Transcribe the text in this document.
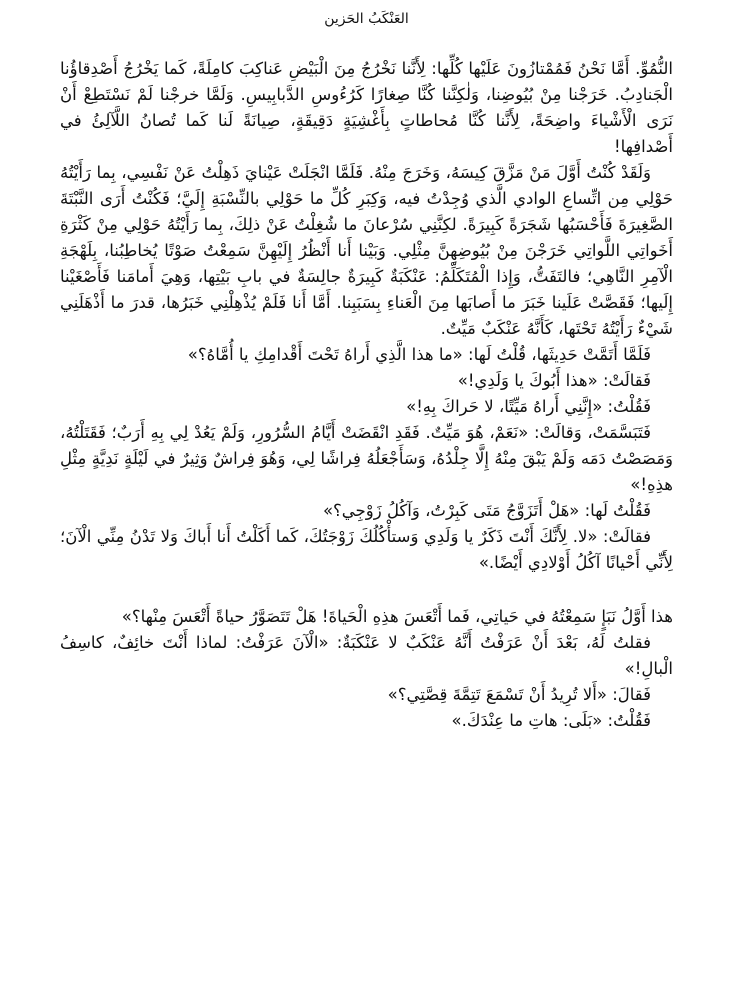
العَنْكَبُ الحَزين

النُّمُوِّ. أَمَّا نَحْنُ فَمُمْتازُونَ عَلَيْها كُلِّها: لِأَنَّنا نَخْرُجُ مِنَ الْبَيْضِ عَناكِبَ كامِلَةً، كَما يَخْرُجُ أَصْدِقاؤُنا الْجَنادِبُ. خَرَجْنا مِنْ بُيُوضِنا، وَلٰكِنَّنا كُنَّا صِغارًا كَرُءُوسِ الدَّبابِيسِ. وَلَمَّا خرجْنا لَمْ نَسْتَطِعْ أَنْ نَرَى الْأَشْياءَ واضِحَةً، لِأَنَّنا كُنَّا مُحاطاتٍ بِأَغْشِيَةٍ دَقِيقَةٍ، صِيانَةً لَنا كَما تُصانُ اللَّآلِئُ في أَصْدافِها!

وَلَقَدْ كُنْتُ أَوَّلَ مَنْ مَزَّقَ كِيسَهُ، وَخَرَجَ مِنْهُ. فَلَمَّا انْجَلَتْ عَيْنايَ ذَهِلْتُ عَنْ نَفْسِي، بِما رَأَيْتُهُ حَوْلِي مِن اتِّساعِ الوادي الَّذي وُجِدْتُ فيه، وَكِبَرِ كُلِّ ما حَوْلِي بالنِّسْبَةِ إِلَيَّ؛ فَكُنْتُ أَرَى النَّبْتَةَ الصَّغِيرَةَ فَأَحْسَبُها شَجَرَةً كَبِيرَةً. لكِنَّنِي سُرْعانَ ما شُغِلْتُ عَنْ ذلِكَ، بِما رَأَيْتُهُ حَوْلِي مِنْ كَثْرَةِ أَخَواتِي اللَّواتِي خَرَجْنَ مِنْ بُيُوضِهِنَّ مِثْلِي. وَبَيْنا أَنا أَنْظُرُ إِلَيْهِنَّ سَمِعْتُ صَوْتًا يُخاطِبُنا، بِلَهْجَةِ الْآمِرِ النَّاهِي؛ فالتَفَتُّ، وَإِذا الْمُتَكَلِّمُ: عَنْكَبَةٌ كَبِيرَةٌ جالِسَةٌ في بابِ بَيْتِها، وَهِيَ أَمامَنا فَأَصْغَيْنا إِلَيها؛ فَقَصَّتْ عَلَينا خَبَرَ ما أَصابَها مِنَ الْعَناءِ بِسَبَبِنا. أَمَّا أَنا فَلَمْ يُذْهِلْنِي خَبَرُها، قدرَ ما أَذْهَلَنِي شَيْءٌ رَأَيْتُهُ تَحْتَها، كَأَنَّهُ عَنْكَبٌ مَيِّتٌ.

فَلَمَّا أَتَمَّتْ حَدِيثَها، قُلْتُ لَها: «ما هذا الَّذِي أَراهُ تَحْتَ أَقْدامِكِ يا أُمَّاهُ؟»

فَقالَتْ: «هذا أَبُوكَ يا وَلَدِي!»

فَقُلْتُ: «إِنَّنِي أَراهُ مَيِّتًا، لا حَراكَ بِهِ!»

فَتَبَسَّمَتْ، وَقالَتْ: «نَعَمْ، هُوَ مَيِّتٌ. فَقَدِ انْقَضَتْ أَيَّامُ السُّرُورِ، وَلَمْ يَعُدْ لِي بِهِ أَرَبٌ؛ فَقَتَلْتُهُ، وَمَصَصْتُ دَمَه وَلَمْ يَبْقَ مِنْهُ إِلَّا جِلْدُهُ، وَسَأَجْعَلُهُ فِراشًا لِي، وَهُوَ فِراشٌ وَثِيرٌ في لَيْلَةٍ نَدِيَّةٍ مِثْلِ هذِهِ!»

فَقُلْتُ لَها: «هَلْ أَتَزَوَّجُ مَتَى كَبِرْتُ، وَآكُلُ زَوْجِي؟»

فقالَتْ: «لا. لِأَنَّكَ أَنْتَ ذَكَرٌ يا وَلَدِي وَستأْكُلُكَ زَوْجَتُكَ، كَما أَكَلْتُ أَنا أَباكَ وَلا تَدْنُ مِنِّي الْآنَ؛ لِأَنِّي أَحْيانًا آكُلُ أَوْلادِي أَيْضًا.»

هذا أَوَّلُ نَبَإٍ سَمِعْتُهُ في حَياتِي، فَما أَتْعَسَ هذِهِ الْحَياةَ! هَلْ تَتَصَوَّرُ حياةً أَتْعَسَ مِنْها؟»

فقلتُ لَهُ، بَعْدَ أَنْ عَرَفْتُ أَنَّهُ عَنْكَبٌ لا عَنْكَبَةٌ: «الْآنَ عَرَفْتُ: لماذا أَنْتَ خائِفٌ، كاسِفُ الْبالِ!»

فَقالَ: «أَلا تُرِيدُ أَنْ تَسْمَعَ تَتِمَّةَ قِصَّتِي؟»

فَقُلْتُ: «بَلَى: هاتِ ما عِنْدَكَ.»
